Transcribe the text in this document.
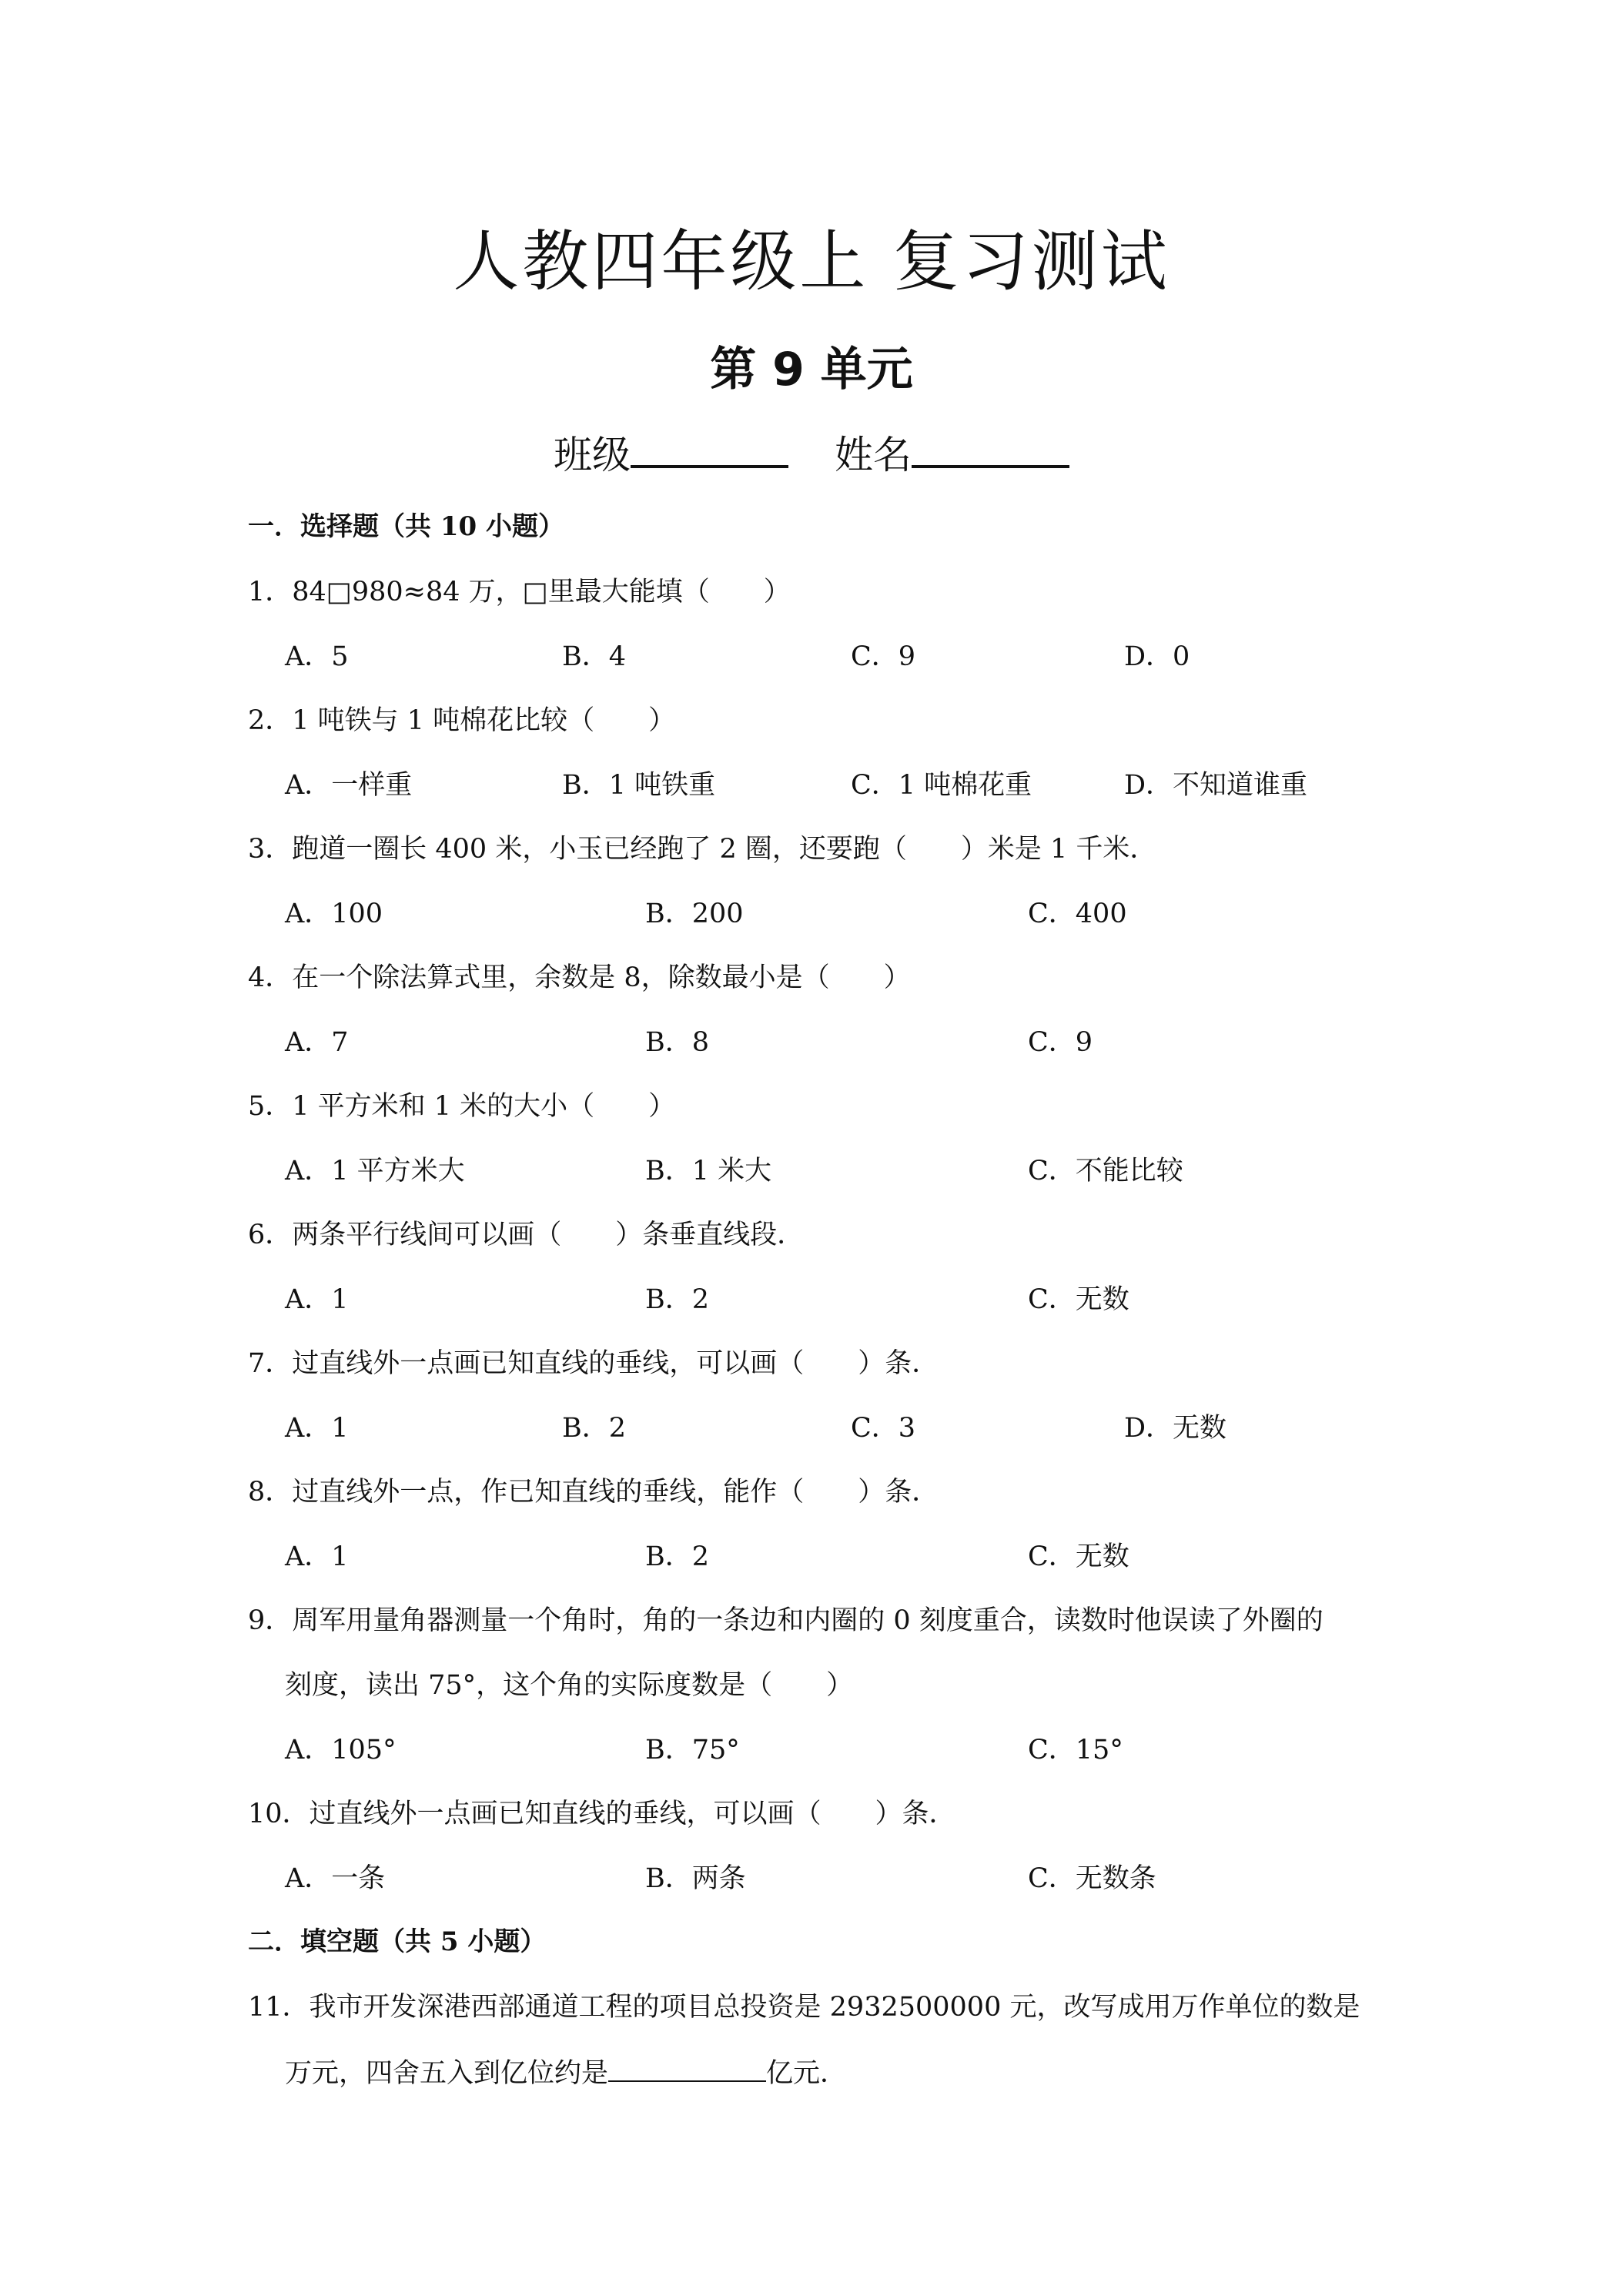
人教四年级上 复习测试
第 9 单元
班级	姓名
一．选择题（共 10 小题）
1．84□980≈84 万，□里最大能填（　　）
A．5	B．4	C．9	D．0
2．1 吨铁与 1 吨棉花比较（　　）
A．一样重	B．1 吨铁重	C．1 吨棉花重	D．不知道谁重
3．跑道一圈长 400 米，小玉已经跑了 2 圈，还要跑（　　）米是 1 千米．
A．100	B．200	C．400
4．在一个除法算式里，余数是 8，除数最小是（　　）
A．7	B．8	C．9
5．1 平方米和 1 米的大小（　　）
A．1 平方米大	B．1 米大	C．不能比较
6．两条平行线间可以画（　　）条垂直线段．
A．1	B．2	C．无数
7．过直线外一点画已知直线的垂线，可以画（　　）条．
A．1	B．2	C．3	D．无数
8．过直线外一点，作已知直线的垂线，能作（　　）条．
A．1	B．2	C．无数
9．周军用量角器测量一个角时，角的一条边和内圈的 0 刻度重合，读数时他误读了外圈的
刻度，读出 75°，这个角的实际度数是（　　）
A．105°	B．75°	C．15°
10．过直线外一点画已知直线的垂线，可以画（　　）条．
A．一条	B．两条	C．无数条
二．填空题（共 5 小题）
11．我市开发深港西部通道工程的项目总投资是 2932500000 元，改写成用万作单位的数是
万元，四舍五入到亿位约是	亿元．
